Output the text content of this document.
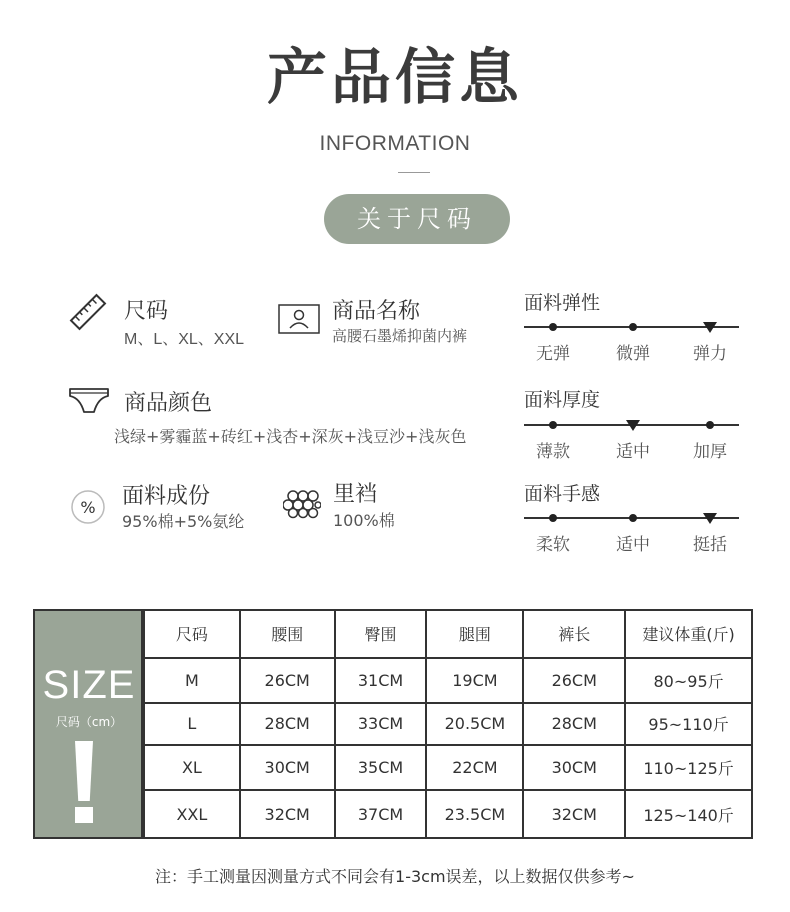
产品信息
INFORMATION
关于尺码
尺码
M、L、XL、XXL
商品名称
高腰石墨烯抑菌内裤
商品颜色
浅绿+雾霾蓝+砖红+浅杏+深灰+浅豆沙+浅灰色
% 面料成份
95%棉+5%氨纶
里裆
100%棉
面料弹性
无弹	微弹	弹力
面料厚度
薄款	适中	加厚
面料手感
柔软	适中	挺括
SIZE
尺码（cm）
尺码	腰围	臀围	腿围	裤长	建议体重(斤)
M	26CM	31CM	19CM	26CM	80~95斤
L	28CM	33CM	20.5CM	28CM	95~110斤
XL	30CM	35CM	22CM	30CM	110~125斤
XXL	32CM	37CM	23.5CM	32CM	125~140斤
注：手工测量因测量方式不同会有1-3cm误差，以上数据仅供参考~
